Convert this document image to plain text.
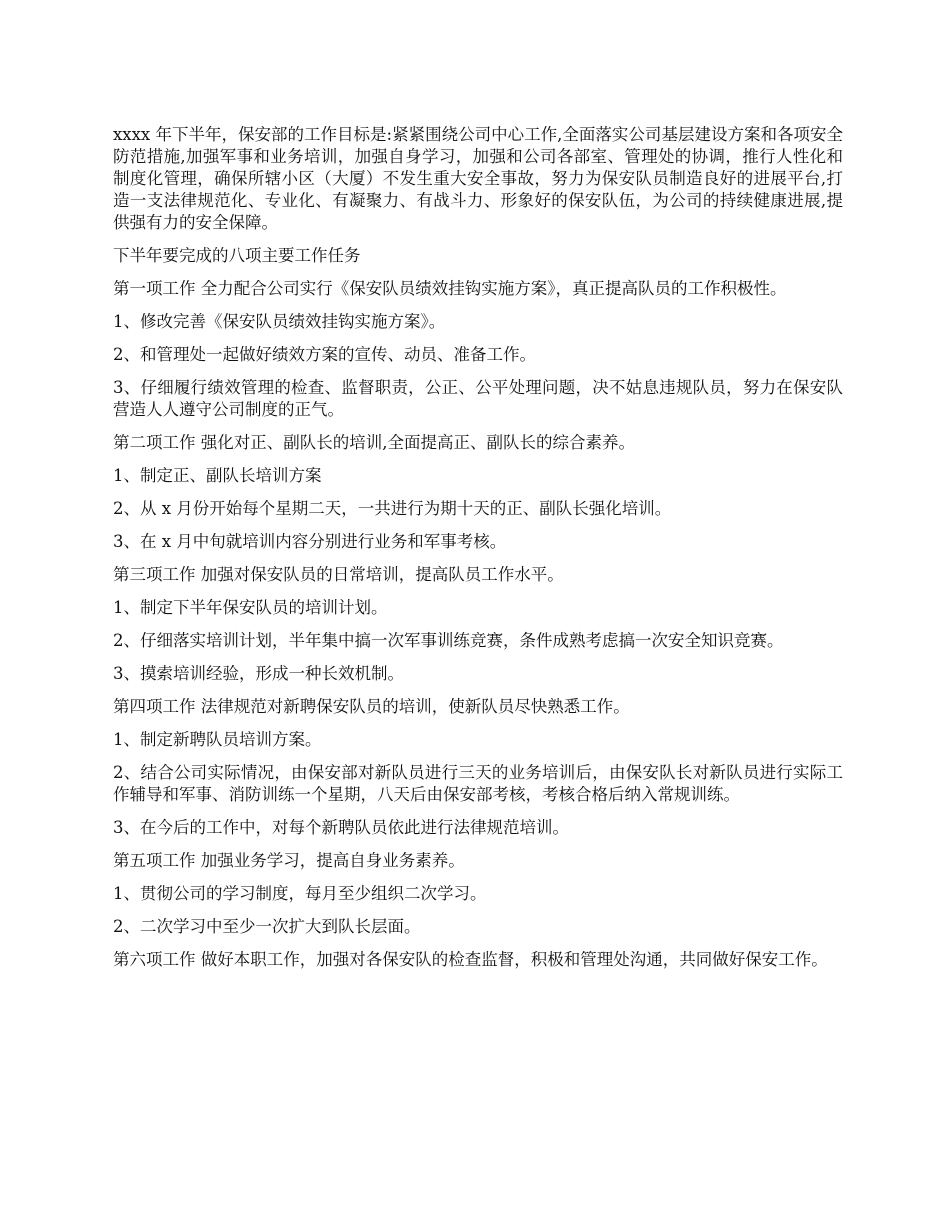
xxxx 年下半年，保安部的工作目标是:紧紧围绕公司中心工作,全面落实公司基层建设方案和各项安全防范措施,加强军事和业务培训，加强自身学习，加强和公司各部室、管理处的协调，推行人性化和制度化管理，确保所辖小区（大厦）不发生重大安全事故，努力为保安队员制造良好的进展平台,打造一支法律规范化、专业化、有凝聚力、有战斗力、形象好的保安队伍，为公司的持续健康进展,提供强有力的安全保障。

下半年要完成的八项主要工作任务

第一项工作 全力配合公司实行《保安队员绩效挂钩实施方案》，真正提高队员的工作积极性。

1、修改完善《保安队员绩效挂钩实施方案》。

2、和管理处一起做好绩效方案的宣传、动员、准备工作。

3、仔细履行绩效管理的检查、监督职责，公正、公平处理问题，决不姑息违规队员，努力在保安队营造人人遵守公司制度的正气。

第二项工作 强化对正、副队长的培训,全面提高正、副队长的综合素养。

1、制定正、副队长培训方案

2、从 x 月份开始每个星期二天，一共进行为期十天的正、副队长强化培训。

3、在 x 月中旬就培训内容分别进行业务和军事考核。

第三项工作 加强对保安队员的日常培训，提高队员工作水平。

1、制定下半年保安队员的培训计划。

2、仔细落实培训计划，半年集中搞一次军事训练竞赛，条件成熟考虑搞一次安全知识竞赛。

3、摸索培训经验，形成一种长效机制。

第四项工作 法律规范对新聘保安队员的培训，使新队员尽快熟悉工作。

1、制定新聘队员培训方案。

2、结合公司实际情况，由保安部对新队员进行三天的业务培训后，由保安队长对新队员进行实际工作辅导和军事、消防训练一个星期，八天后由保安部考核，考核合格后纳入常规训练。

3、在今后的工作中，对每个新聘队员依此进行法律规范培训。

第五项工作 加强业务学习，提高自身业务素养。

1、贯彻公司的学习制度，每月至少组织二次学习。

2、二次学习中至少一次扩大到队长层面。

第六项工作 做好本职工作，加强对各保安队的检查监督，积极和管理处沟通，共同做好保安工作。
